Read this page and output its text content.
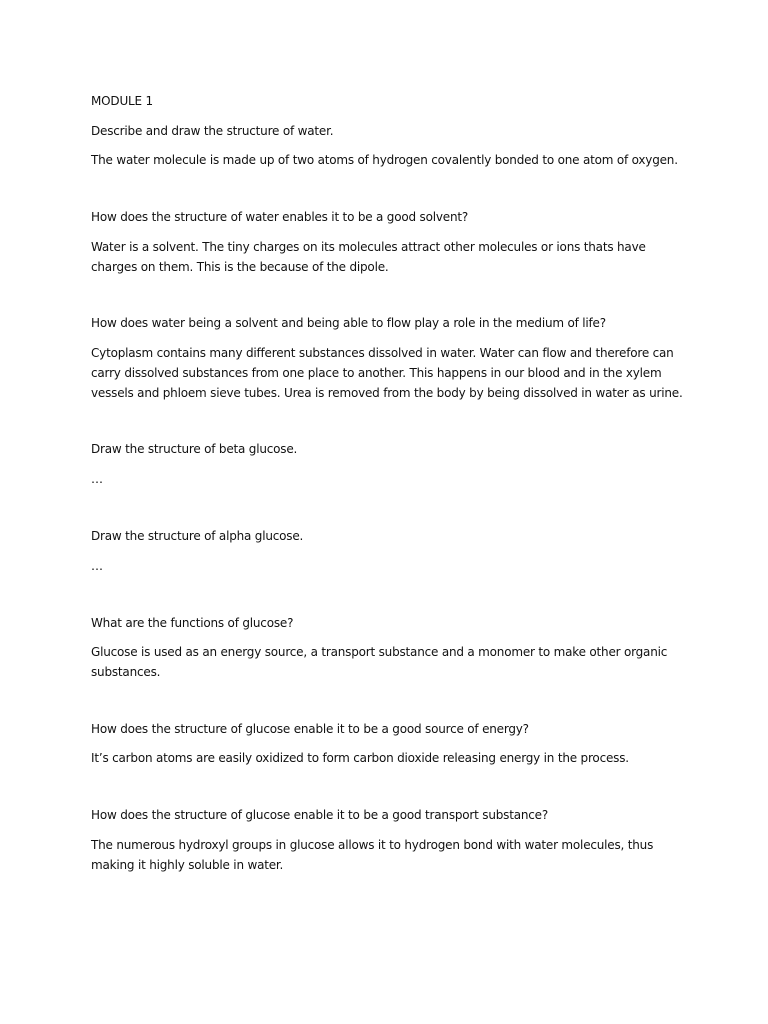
MODULE 1
Describe and draw the structure of water.
The water molecule is made up of two atoms of hydrogen covalently bonded to one atom of oxygen.
How does the structure of water enables it to be a good solvent?
Water is a solvent. The tiny charges on its molecules attract other molecules or ions thats have charges on them. This is the because of the dipole.
How does water being a solvent and being able to flow play a role in the medium of life?
Cytoplasm contains many different substances dissolved in water. Water can flow and therefore can carry dissolved substances from one place to another. This happens in our blood and in the xylem vessels and phloem sieve tubes. Urea is removed from the body by being dissolved in water as urine.
Draw the structure of beta glucose.
…
Draw the structure of alpha glucose.
…
What are the functions of glucose?
Glucose is used as an energy source, a transport substance and a monomer to make other organic substances.
How does the structure of glucose enable it to be a good source of energy?
It’s carbon atoms are easily oxidized to form carbon dioxide releasing energy in the process.
How does the structure of glucose enable it to be a good transport substance?
The numerous hydroxyl groups in glucose allows it to hydrogen bond with water molecules, thus making it highly soluble in water.
